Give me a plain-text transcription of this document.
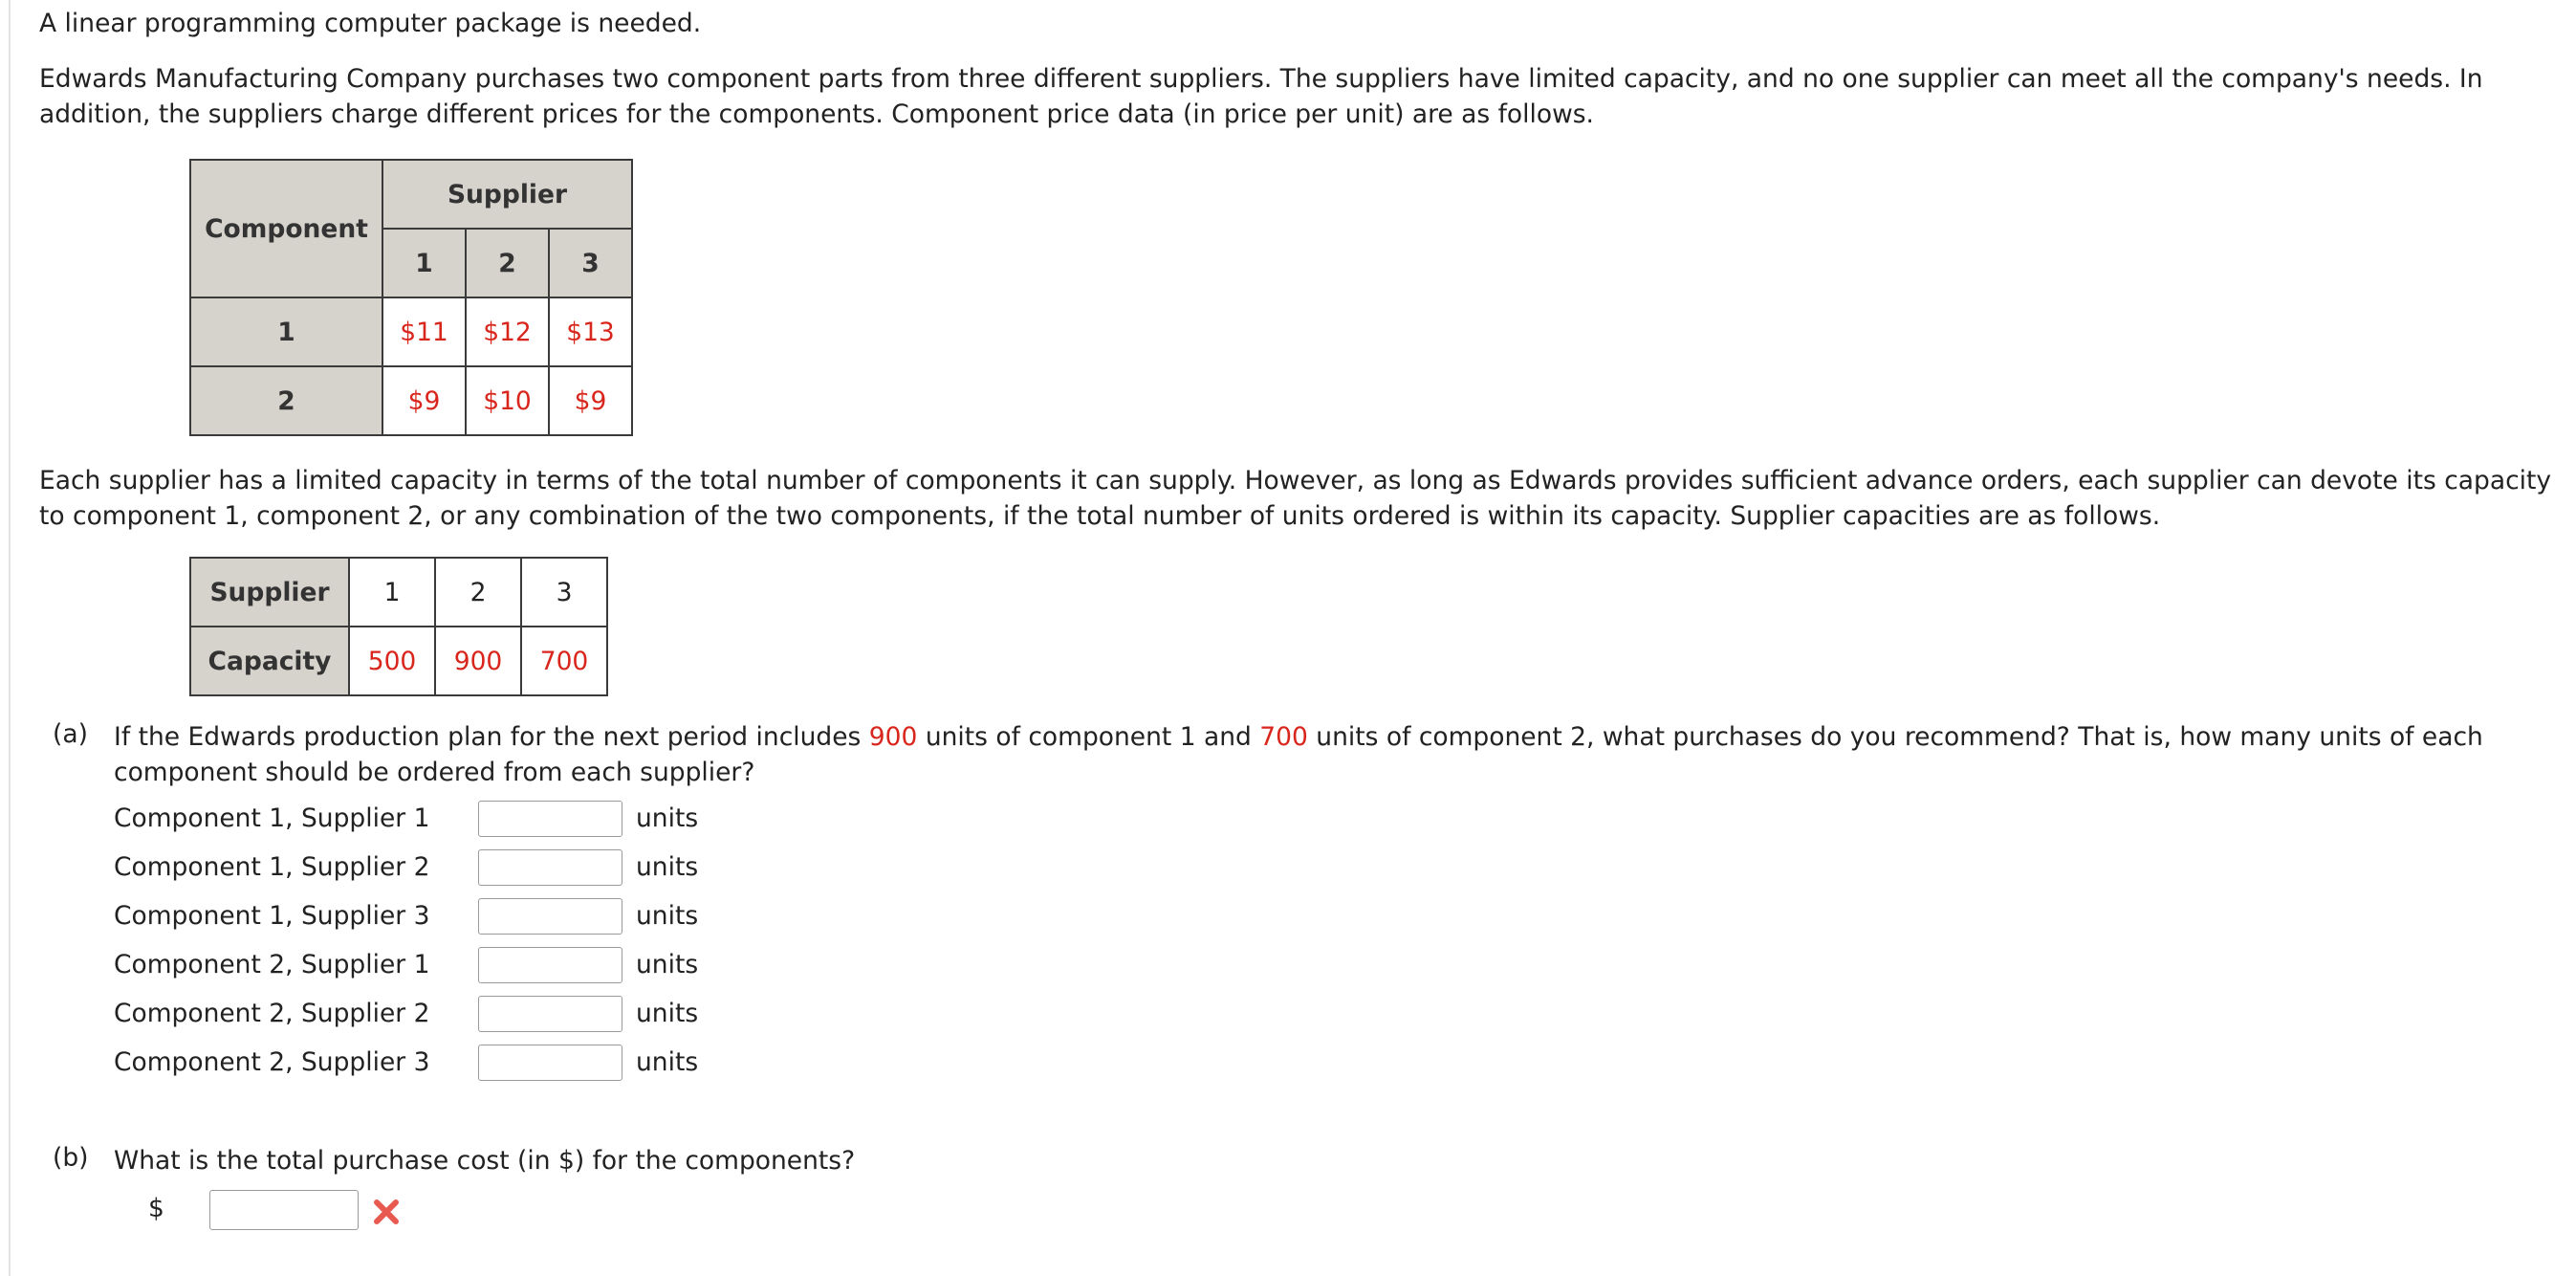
A linear programming computer package is needed.

Edwards Manufacturing Company purchases two component parts from three different suppliers. The suppliers have limited capacity, and no one supplier can meet all the company's needs. In addition, the suppliers charge different prices for the components. Component price data (in price per unit) are as follows.

Component	Supplier		
	1	2	3
1	$11	$12	$13
2	$9	$10	$9

Each supplier has a limited capacity in terms of the total number of components it can supply. However, as long as Edwards provides sufficient advance orders, each supplier can devote its capacity to component 1, component 2, or any combination of the two components, if the total number of units ordered is within its capacity. Supplier capacities are as follows.

Supplier	1	2	3
Capacity	500	900	700
(a) If the Edwards production plan for the next period includes 900 units of component 1 and 700 units of component 2, what purchases do you recommend? That is, how many units of each component should be ordered from each supplier?

Component 1, Supplier 1	units
Component 1, Supplier 2	units
Component 1, Supplier 3	units
Component 2, Supplier 1	units
Component 2, Supplier 2	units
Component 2, Supplier 3	units
(b) What is the total purchase cost (in $) for the components?

$
